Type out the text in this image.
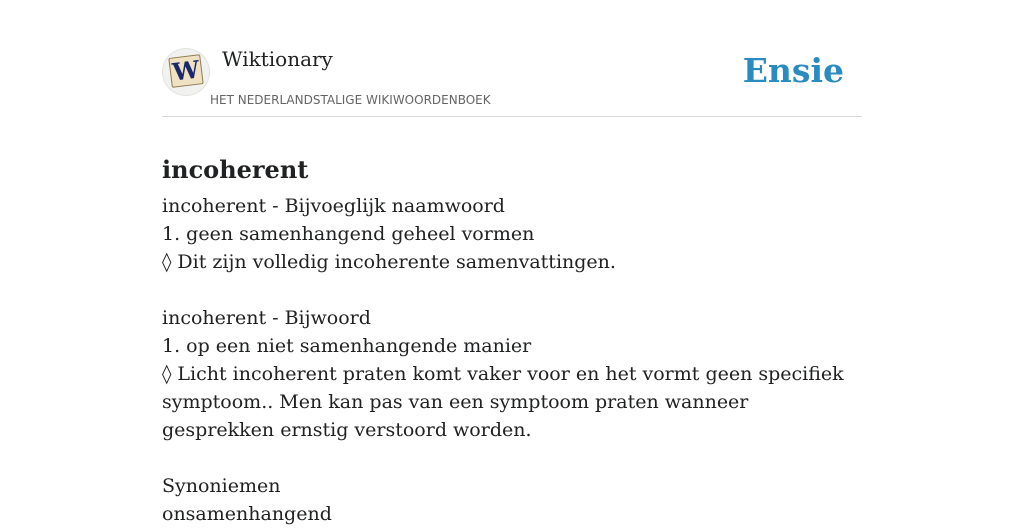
W Wiktionary
HET NEDERLANDSTALIGE WIKIWOORDENBOEK
Ensie
incoherent
incoherent - Bijvoeglijk naamwoord
1. geen samenhangend geheel vormen
◊ Dit zijn volledig incoherente samenvattingen.
incoherent - Bijwoord
1. op een niet samenhangende manier
◊ Licht incoherent praten komt vaker voor en het vormt geen specifiek symptoom.. Men kan pas van een symptoom praten wanneer gesprekken ernstig verstoord worden.
Synoniemen
onsamenhangend
